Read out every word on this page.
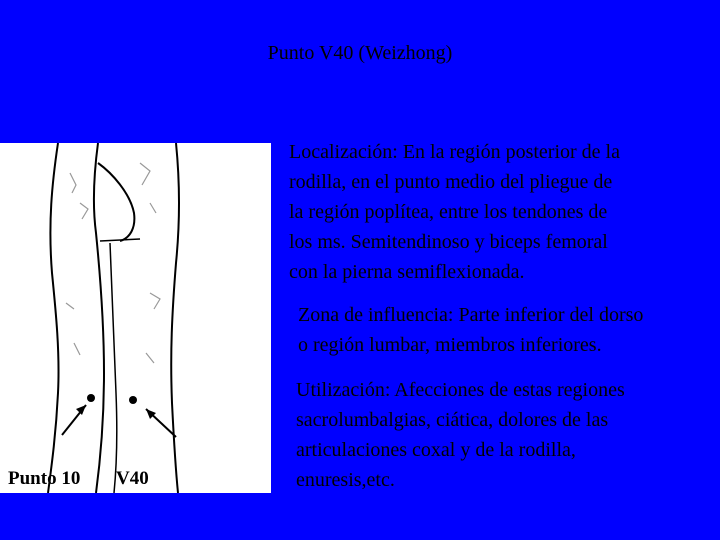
Punto V40 (Weizhong)
Punto 10 V40
Localización: En la región posterior de la
rodilla, en el punto medio del pliegue de
la región poplítea, entre los tendones de
los ms. Semitendinoso y biceps femoral
con la pierna semiflexionada.
Zona de influencia: Parte inferior del dorso
o región lumbar, miembros inferiores.
Utilización: Afecciones de estas regiones
sacrolumbalgias, ciática, dolores de las
articulaciones coxal y de la rodilla,
enuresis,etc.
